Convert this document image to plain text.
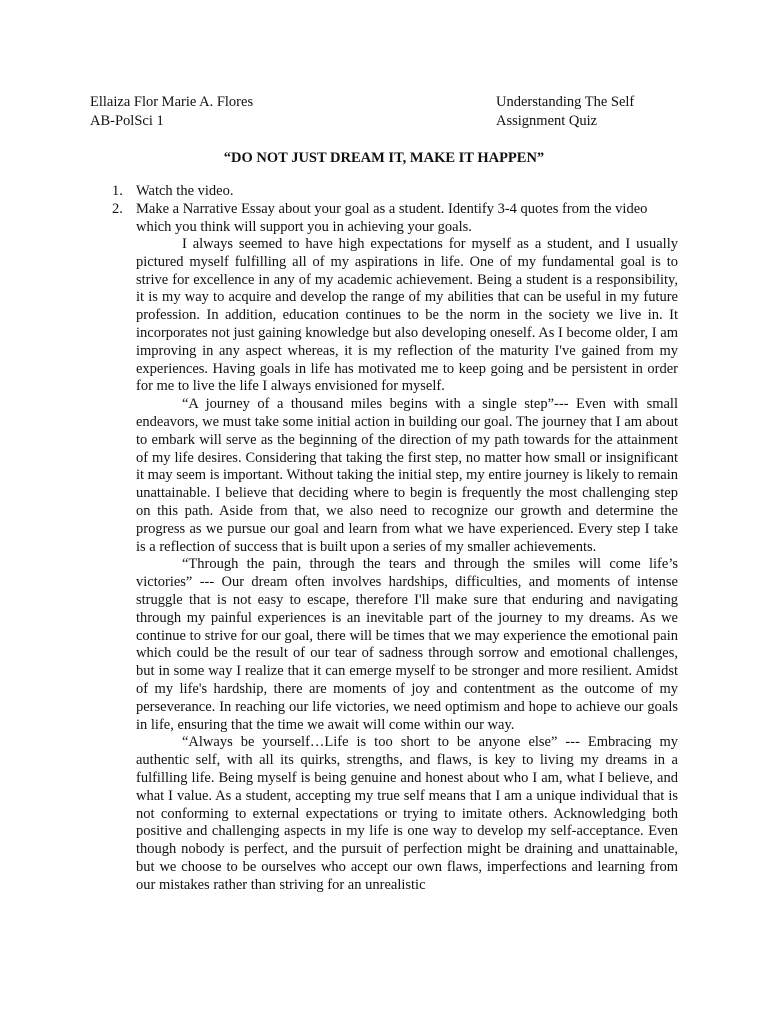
Ellaiza Flor Marie A. Flores
AB-PolSci 1
Understanding The Self
Assignment Quiz
“DO NOT JUST DREAM IT, MAKE IT HAPPEN”
1. Watch the video.
2. Make a Narrative Essay about your goal as a student. Identify 3-4 quotes from the video which you think will support you in achieving your goals.

I always seemed to have high expectations for myself as a student, and I usually pictured myself fulfilling all of my aspirations in life. One of my fundamental goal is to strive for excellence in any of my academic achievement. Being a student is a responsibility, it is my way to acquire and develop the range of my abilities that can be useful in my future profession. In addition, education continues to be the norm in the society we live in. It incorporates not just gaining knowledge but also developing oneself. As I become older, I am improving in any aspect whereas, it is my reflection of the maturity I've gained from my experiences. Having goals in life has motivated me to keep going and be persistent in order for me to live the life I always envisioned for myself.

“A journey of a thousand miles begins with a single step”--- Even with small endeavors, we must take some initial action in building our goal. The journey that I am about to embark will serve as the beginning of the direction of my path towards for the attainment of my life desires. Considering that taking the first step, no matter how small or insignificant it may seem is important. Without taking the initial step, my entire journey is likely to remain unattainable. I believe that deciding where to begin is frequently the most challenging step on this path. Aside from that, we also need to recognize our growth and determine the progress as we pursue our goal and learn from what we have experienced. Every step I take is a reflection of success that is built upon a series of my smaller achievements.

“Through the pain, through the tears and through the smiles will come life’s victories” --- Our dream often involves hardships, difficulties, and moments of intense struggle that is not easy to escape, therefore I'll make sure that enduring and navigating through my painful experiences is an inevitable part of the journey to my dreams. As we continue to strive for our goal, there will be times that we may experience the emotional pain which could be the result of our tear of sadness through sorrow and emotional challenges, but in some way I realize that it can emerge myself to be stronger and more resilient. Amidst of my life's hardship, there are moments of joy and contentment as the outcome of my perseverance. In reaching our life victories, we need optimism and hope to achieve our goals in life, ensuring that the time we await will come within our way.

“Always be yourself…Life is too short to be anyone else” --- Embracing my authentic self, with all its quirks, strengths, and flaws, is key to living my dreams in a fulfilling life. Being myself is being genuine and honest about who I am, what I believe, and what I value. As a student, accepting my true self means that I am a unique individual that is not conforming to external expectations or trying to imitate others. Acknowledging both positive and challenging aspects in my life is one way to develop my self-acceptance. Even though nobody is perfect, and the pursuit of perfection might be draining and unattainable, but we choose to be ourselves who accept our own flaws, imperfections and learning from our mistakes rather than striving for an unrealistic
